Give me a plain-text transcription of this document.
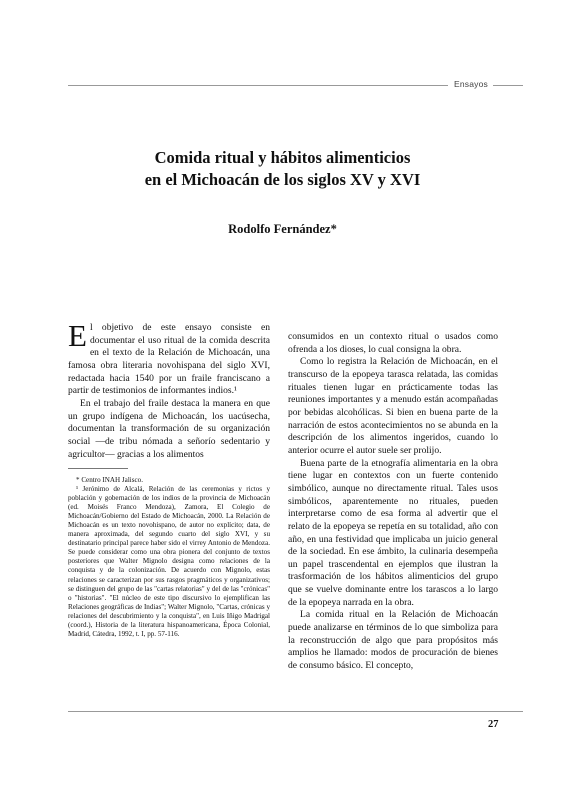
Ensayos
Comida ritual y hábitos alimenticios
en el Michoacán de los siglos XV y XVI
Rodolfo Fernández*

El objetivo de este ensayo consiste en documentar el uso ritual de la comida descrita en el texto de la Relación de Michoacán, una famosa obra literaria novohispana del siglo XVI, redactada hacia 1540 por un fraile franciscano a partir de testimonios de informantes indios.¹

En el trabajo del fraile destaca la manera en que un grupo indígena de Michoacán, los uacúsecha, documentan la transformación de su organización social —de tribu nómada a señorío sedentario y agricultor— gracias a los alimentos

* Centro INAH Jalisco.

¹ Jerónimo de Alcalá, Relación de las ceremonias y rictos y población y gobernación de los indios de la provincia de Michoacán (ed. Moisés Franco Mendoza), Zamora, El Colegio de Michoacán/Gobierno del Estado de Michoacán, 2000. La Relación de Michoacán es un texto novohispano, de autor no explícito; data, de manera aproximada, del segundo cuarto del siglo XVI, y su destinatario principal parece haber sido el virrey Antonio de Mendoza. Se puede considerar como una obra pionera del conjunto de textos posteriores que Walter Mignolo designa como relaciones de la conquista y de la colonización. De acuerdo con Mignolo, estas relaciones se caracterizan por sus rasgos pragmáticos y organizativos; se distinguen del grupo de las "cartas relatorias" y del de las "crónicas" o "historias". "El núcleo de este tipo discursivo lo ejemplifican las Relaciones geográficas de Indias"; Walter Mignolo, "Cartas, crónicas y relaciones del descubrimiento y la conquista", en Luis Iñigo Madrigal (coord.), Historia de la literatura hispanoamericana, Época Colonial, Madrid, Cátedra, 1992, t. I, pp. 57-116.

consumidos en un contexto ritual o usados como ofrenda a los dioses, lo cual consigna la obra.

Como lo registra la Relación de Michoacán, en el transcurso de la epopeya tarasca relatada, las comidas rituales tienen lugar en prácticamente todas las reuniones importantes y a menudo están acompañadas por bebidas alcohólicas. Si bien en buena parte de la narración de estos acontecimientos no se abunda en la descripción de los alimentos ingeridos, cuando lo anterior ocurre el autor suele ser prolijo.

Buena parte de la etnografía alimentaria en la obra tiene lugar en contextos con un fuerte contenido simbólico, aunque no directamente ritual. Tales usos simbólicos, aparentemente no rituales, pueden interpretarse como de esa forma al advertir que el relato de la epopeya se repetía en su totalidad, año con año, en una festividad que implicaba un juicio general de la sociedad. En ese ámbito, la culinaria desempeña un papel trascendental en ejemplos que ilustran la trasformación de los hábitos alimenticios del grupo que se vuelve dominante entre los tarascos a lo largo de la epopeya narrada en la obra.

La comida ritual en la Relación de Michoacán puede analizarse en términos de lo que simboliza para la reconstrucción de algo que para propósitos más amplios he llamado: modos de procuración de bienes de consumo básico. El concepto,

27
